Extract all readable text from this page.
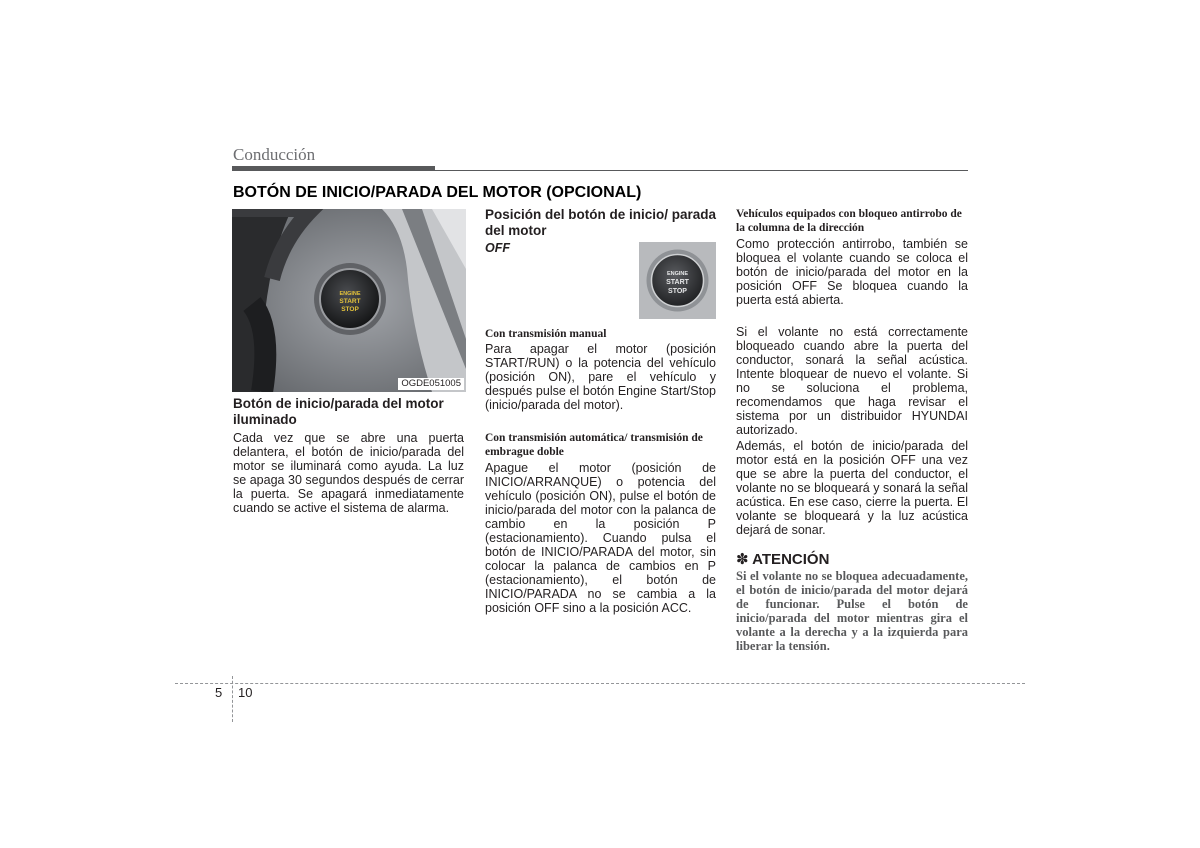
Conducción
BOTÓN DE INICIO/PARADA DEL MOTOR (OPCIONAL)
ENGINE
START
STOP
OGDE051005
Botón de inicio/parada del motor iluminado

Cada vez que se abre una puerta delantera, el botón de inicio/parada del motor se iluminará como ayuda. La luz se apaga 30 segundos después de cerrar la puerta. Se apagará inmediatamente cuando se active el sistema de alarma.

Posición del botón de inicio/ parada del motor

OFF

ENGINE
START
STOP
Con transmisión manual

Para apagar el motor (posición START/RUN) o la potencia del vehículo (posición ON), pare el vehículo y después pulse el botón Engine Start/Stop (inicio/parada del motor).

Con transmisión automática/ transmisión de embrague doble

Apague el motor (posición de INICIO/ARRANQUE) o potencia del vehículo (posición ON), pulse el botón de inicio/parada del motor con la palanca de cambio en la posición P (estacionamiento). Cuando pulsa el botón de INICIO/PARADA del motor, sin colocar la palanca de cambios en P (estacionamiento), el botón de INICIO/PARADA no se cambia a la posición OFF sino a la posición ACC.

Vehículos equipados con bloqueo antirrobo de la columna de la dirección

Como protección antirrobo, también se bloquea el volante cuando se coloca el botón de inicio/parada del motor en la posición OFF Se bloquea cuando la puerta está abierta.

Si el volante no está correctamente bloqueado cuando abre la puerta del conductor, sonará la señal acústica. Intente bloquear de nuevo el volante. Si no se soluciona el problema, recomendamos que haga revisar el sistema por un distribuidor HYUNDAI autorizado.

Además, el botón de inicio/parada del motor está en la posición OFF una vez que se abre la puerta del conductor, el volante no se bloqueará y sonará la señal acústica. En ese caso, cierre la puerta. El volante se bloqueará y la luz acústica dejará de sonar.

✽ ATENCIÓN

Si el volante no se bloquea adecuadamente, el botón de inicio/parada del motor dejará de funcionar. Pulse el botón de inicio/parada del motor mientras gira el volante a la derecha y a la izquierda para liberar la tensión.

5 10
